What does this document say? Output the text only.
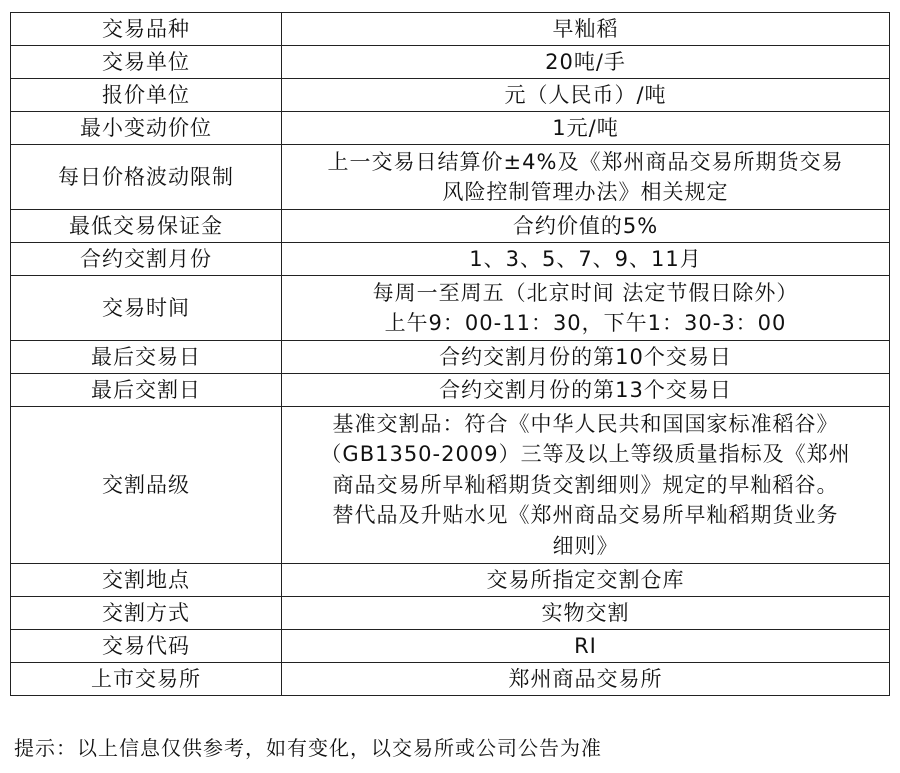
交易品种	早籼稻

交易单位	20吨/手

报价单位	元（人民币）/吨

最小变动价位	1元/吨

每日价格波动限制	上一交易日结算价±4%及《郑州商品交易所期货交易
风险控制管理办法》相关规定

最低交易保证金	合约价值的5%

合约交割月份	1、3、5、7、9、11月

交易时间	每周一至周五（北京时间 法定节假日除外）
上午9：00-11：30，下午1：30-3：00

最后交易日	合约交割月份的第10个交易日

最后交割日	合约交割月份的第13个交易日

交割品级	基准交割品：符合《中华人民共和国国家标准稻谷》
（GB1350-2009）三等及以上等级质量指标及《郑州
商品交易所早籼稻期货交割细则》规定的早籼稻谷。
替代品及升贴水见《郑州商品交易所早籼稻期货业务
细则》

交割地点	交易所指定交割仓库

交割方式	实物交割

交易代码	RI

上市交易所	郑州商品交易所
提示：以上信息仅供参考，如有变化，以交易所或公司公告为准
